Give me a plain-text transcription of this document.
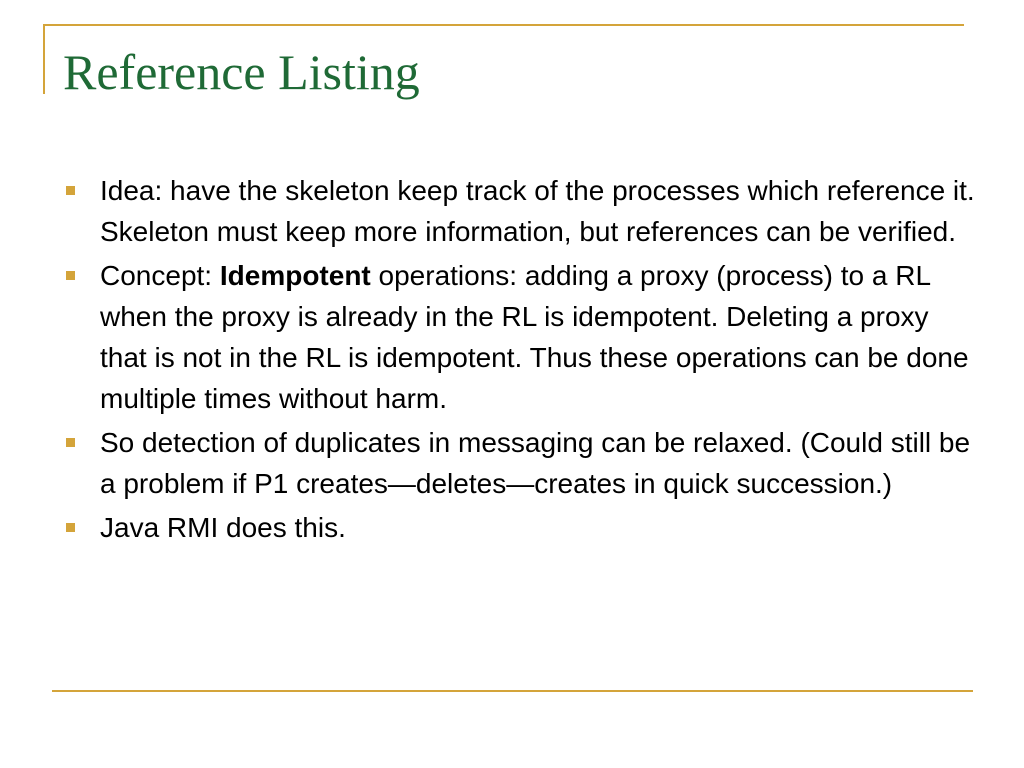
Reference Listing
Idea: have the skeleton keep track of the processes which reference it. Skeleton must keep more information, but references can be verified.
Concept: Idempotent operations: adding a proxy (process) to a RL when the proxy is already in the RL is idempotent. Deleting a proxy that is not in the RL is idempotent. Thus these operations can be done multiple times without harm.
So detection of duplicates in messaging can be relaxed. (Could still be a problem if P1 creates—deletes—creates in quick succession.)
Java RMI does this.
